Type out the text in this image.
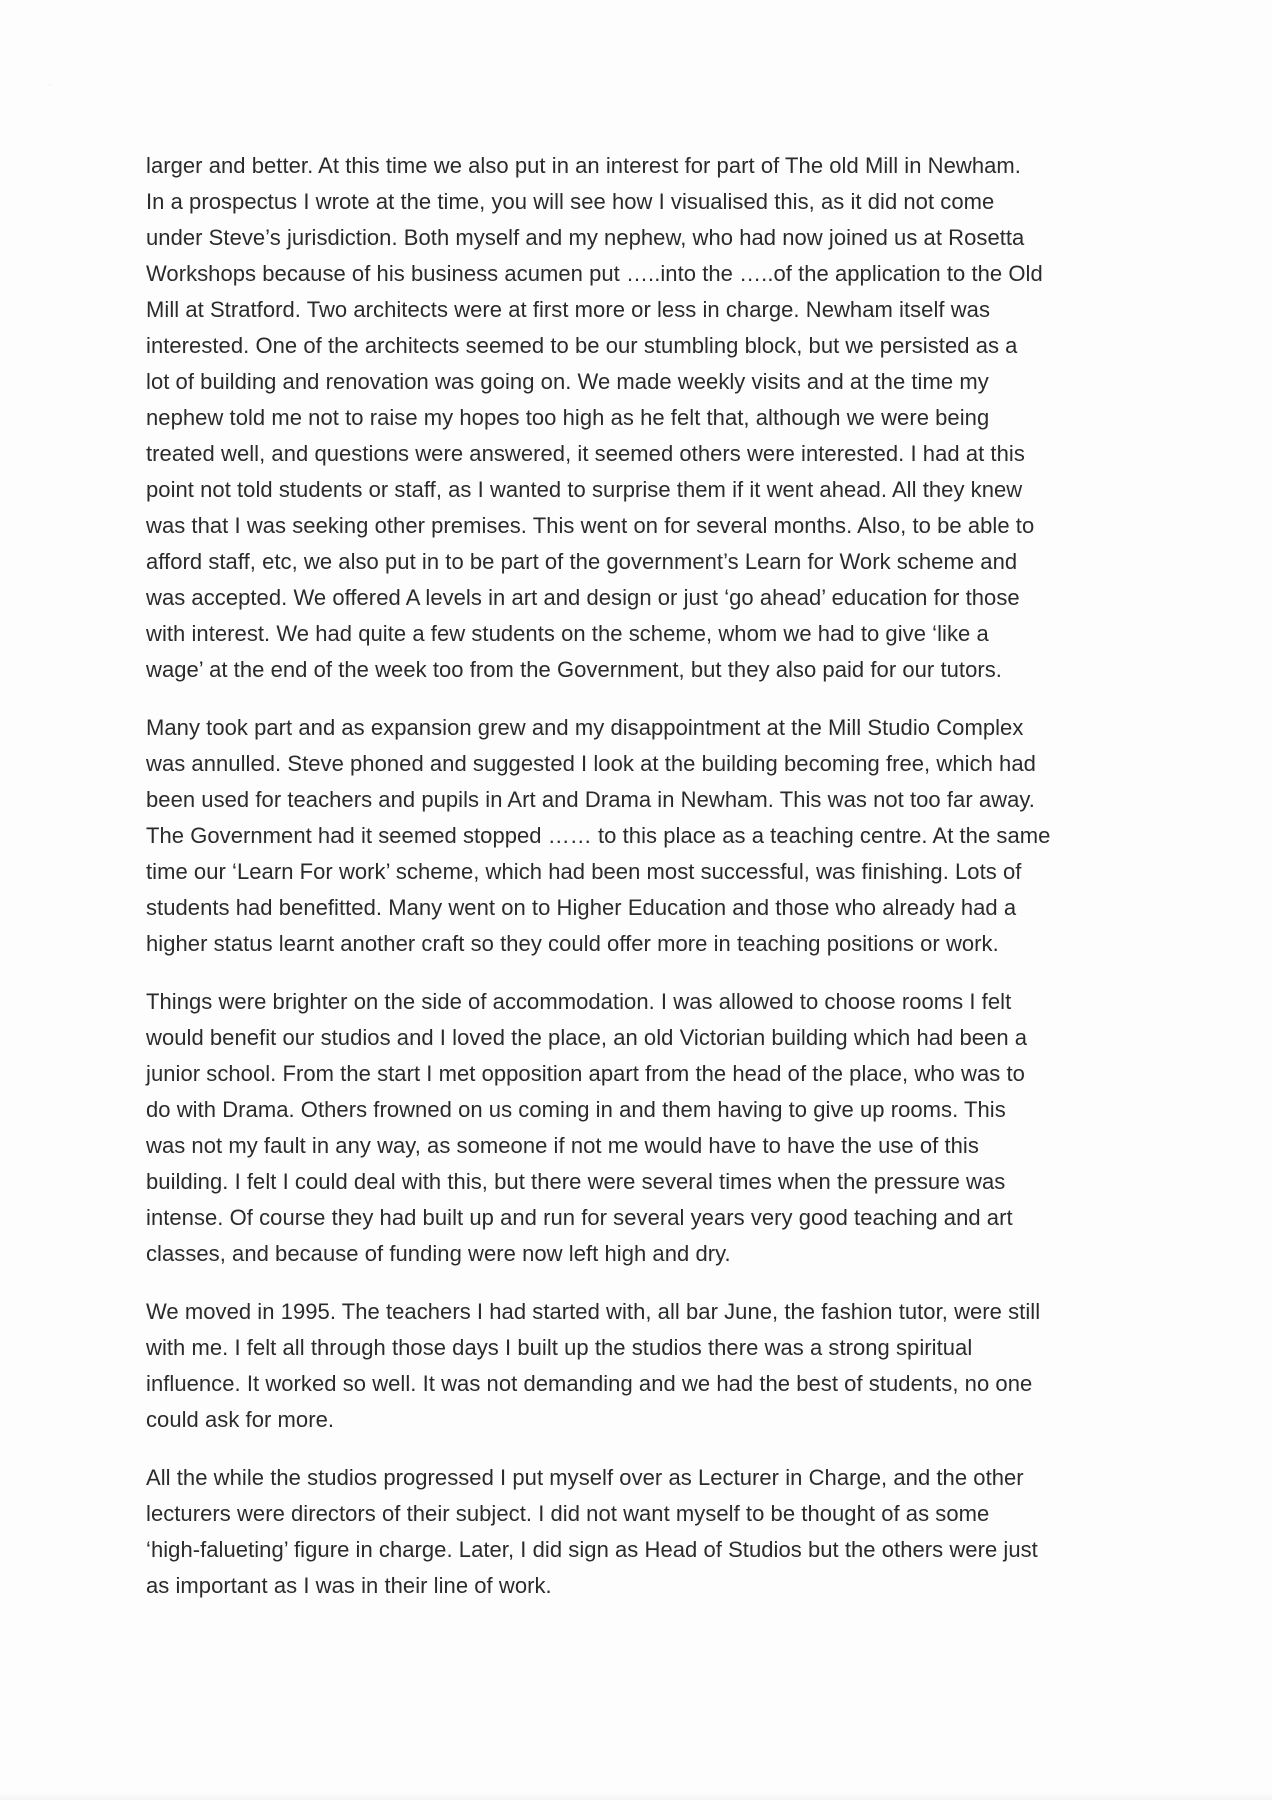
·
larger and better. At this time we also put in an interest for part of The old Mill in Newham.
In a prospectus I wrote at the time, you will see how I visualised this, as it did not come
under Steve’s jurisdiction. Both myself and my nephew, who had now joined us at Rosetta
Workshops because of his business acumen put …..into the …..of the application to the Old
Mill at Stratford. Two architects were at first more or less in charge. Newham itself was
interested. One of the architects seemed to be our stumbling block, but we persisted as a
lot of building and renovation was going on. We made weekly visits and at the time my
nephew told me not to raise my hopes too high as he felt that, although we were being
treated well, and questions were answered, it seemed others were interested. I had at this
point not told students or staff, as I wanted to surprise them if it went ahead. All they knew
was that I was seeking other premises. This went on for several months. Also, to be able to
afford staff, etc, we also put in to be part of the government’s Learn for Work scheme and
was accepted. We offered A levels in art and design or just ‘go ahead’ education for those
with interest. We had quite a few students on the scheme, whom we had to give ‘like a
wage’ at the end of the week too from the Government, but they also paid for our tutors.
Many took part and as expansion grew and my disappointment at the Mill Studio Complex
was annulled. Steve phoned and suggested I look at the building becoming free, which had
been used for teachers and pupils in Art and Drama in Newham. This was not too far away.
The Government had it seemed stopped …… to this place as a teaching centre. At the same
time our ‘Learn For work’ scheme, which had been most successful, was finishing. Lots of
students had benefitted. Many went on to Higher Education and those who already had a
higher status learnt another craft so they could offer more in teaching positions or work.
Things were brighter on the side of accommodation. I was allowed to choose rooms I felt
would benefit our studios and I loved the place, an old Victorian building which had been a
junior school. From the start I met opposition apart from the head of the place, who was to
do with Drama. Others frowned on us coming in and them having to give up rooms. This
was not my fault in any way, as someone if not me would have to have the use of this
building. I felt I could deal with this, but there were several times when the pressure was
intense. Of course they had built up and run for several years very good teaching and art
classes, and because of funding were now left high and dry.
We moved in 1995. The teachers I had started with, all bar June, the fashion tutor, were still
with me. I felt all through those days I built up the studios there was a strong spiritual
influence. It worked so well. It was not demanding and we had the best of students, no one
could ask for more.
All the while the studios progressed I put myself over as Lecturer in Charge, and the other
lecturers were directors of their subject. I did not want myself to be thought of as some
‘high-falueting’ figure in charge. Later, I did sign as Head of Studios but the others were just
as important as I was in their line of work.
